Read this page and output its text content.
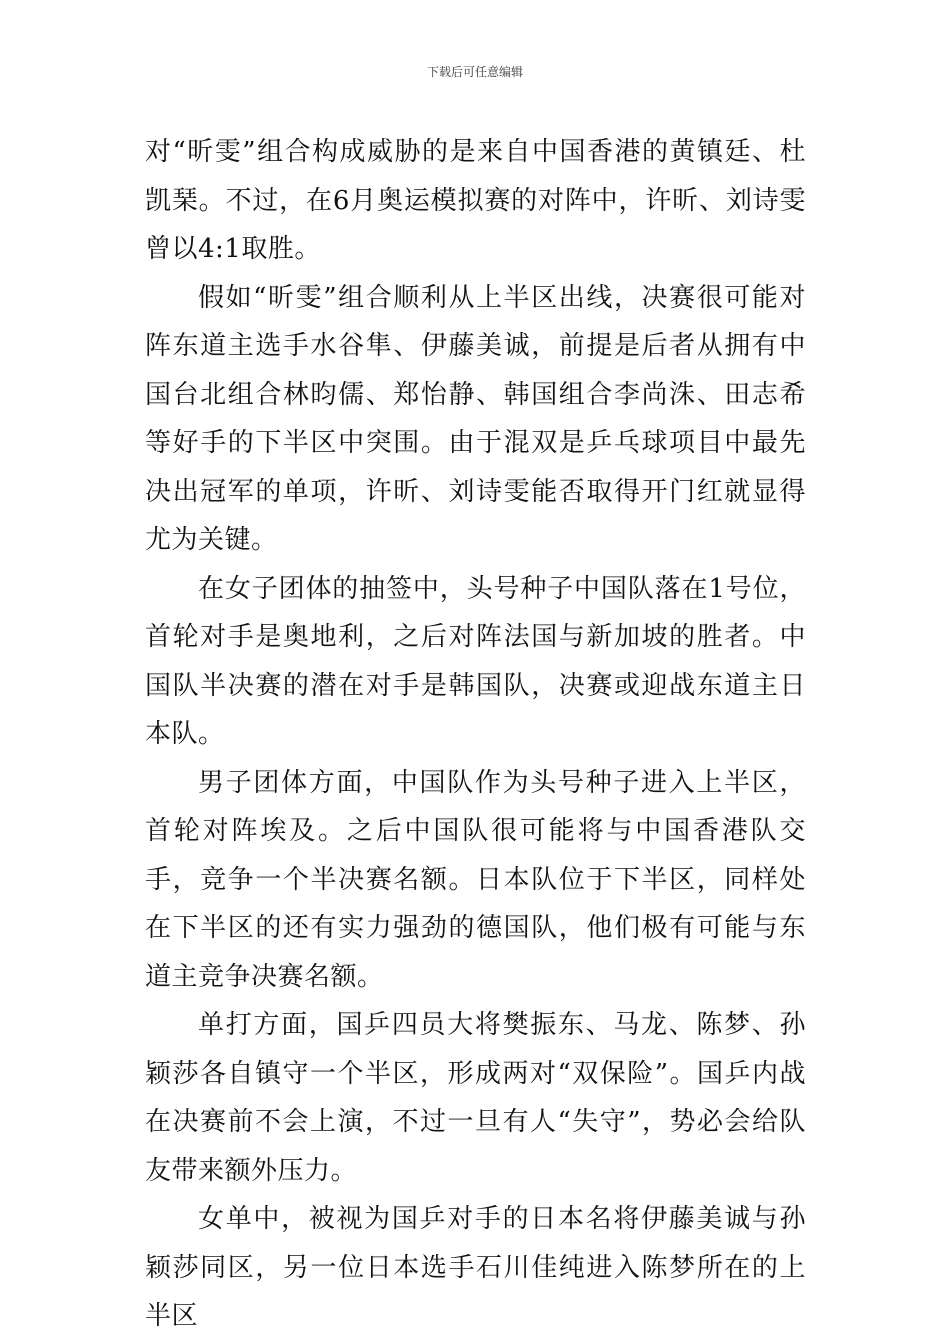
下载后可任意编辑

对“昕雯”组合构成威胁的是来自中国香港的黄镇廷、杜凯琹。不过，在6月奥运模拟赛的对阵中，许昕、刘诗雯曾以4:1取胜。

假如“昕雯”组合顺利从上半区出线，决赛很可能对阵东道主选手水谷隼、伊藤美诚，前提是后者从拥有中国台北组合林昀儒、郑怡静、韩国组合李尚洙、田志希等好手的下半区中突围。由于混双是乒乓球项目中最先决出冠军的单项，许昕、刘诗雯能否取得开门红就显得尤为关键。

在女子团体的抽签中，头号种子中国队落在1号位，首轮对手是奥地利，之后对阵法国与新加坡的胜者。中国队半决赛的潜在对手是韩国队，决赛或迎战东道主日本队。

男子团体方面，中国队作为头号种子进入上半区，首轮对阵埃及。之后中国队很可能将与中国香港队交手，竞争一个半决赛名额。日本队位于下半区，同样处在下半区的还有实力强劲的德国队，他们极有可能与东道主竞争决赛名额。

单打方面，国乒四员大将樊振东、马龙、陈梦、孙颖莎各自镇守一个半区，形成两对“双保险”。国乒内战在决赛前不会上演，不过一旦有人“失守”，势必会给队友带来额外压力。

女单中，被视为国乒对手的日本名将伊藤美诚与孙颖莎同区，另一位日本选手石川佳纯进入陈梦所在的上半区
